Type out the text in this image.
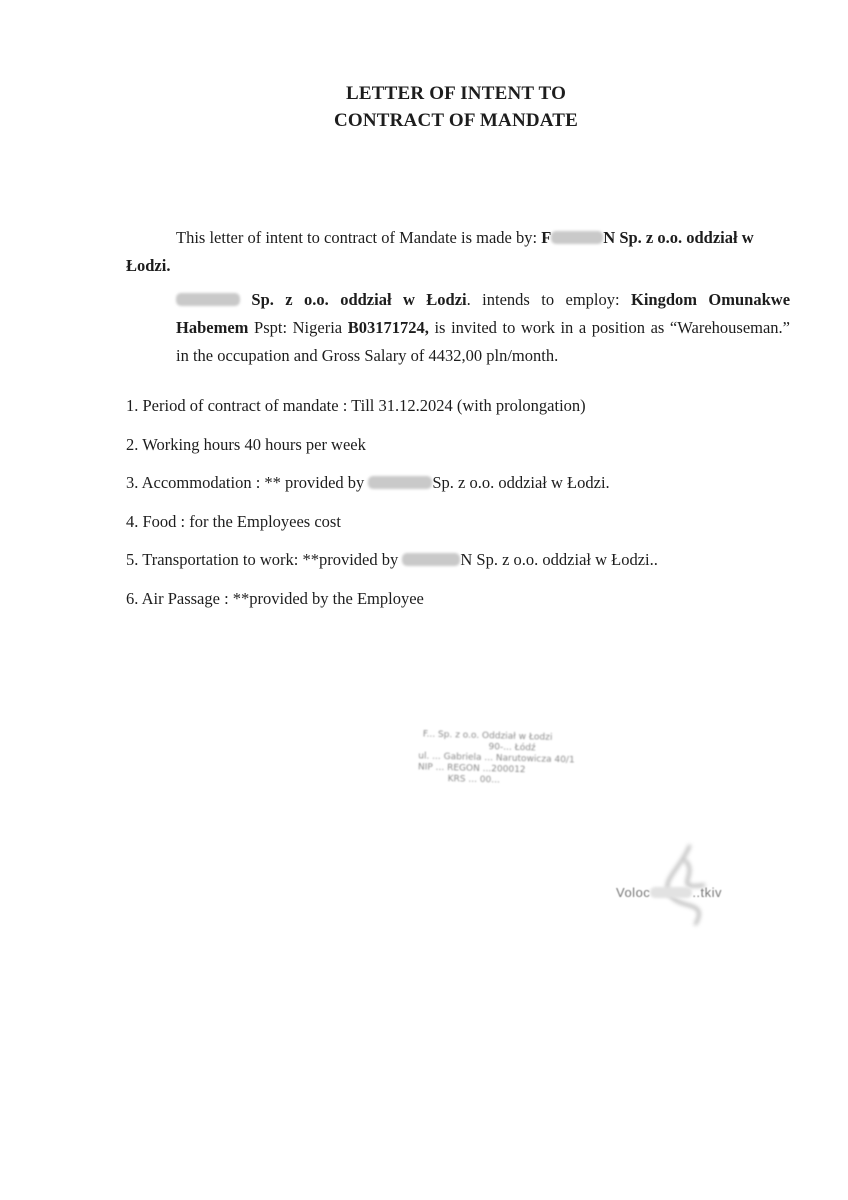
LETTER OF INTENT TO
CONTRACT OF MANDATE
This letter of intent to contract of Mandate is made by: F	N Sp. z o.o. oddział w Łodzi.
Sp. z o.o. oddział w Łodzi. intends to employ: Kingdom Omunakwe
Habemem Pspt: Nigeria B03171724, is invited to work in a position as “Warehouseman.”
in the occupation and Gross Salary of 4432,00 pln/month.
1. Period of contract of mandate : Till 31.12.2024 (with prolongation)
2. Working hours 40 hours per week
3. Accommodation : ** provided by	Sp. z o.o. oddział w Łodzi.
4. Food : for the Employees cost
5. Transportation to work: **provided by	N Sp. z o.o. oddział w Łodzi..
6. Air Passage : **provided by the Employee
F... Sp. z o.o. Oddział w Łodzi
90-... Łódź
ul. ... Gabriela ... Narutowicza 40/1
NIP ... REGON ...200012
KRS ... 00...
Voloc	..tkiv
